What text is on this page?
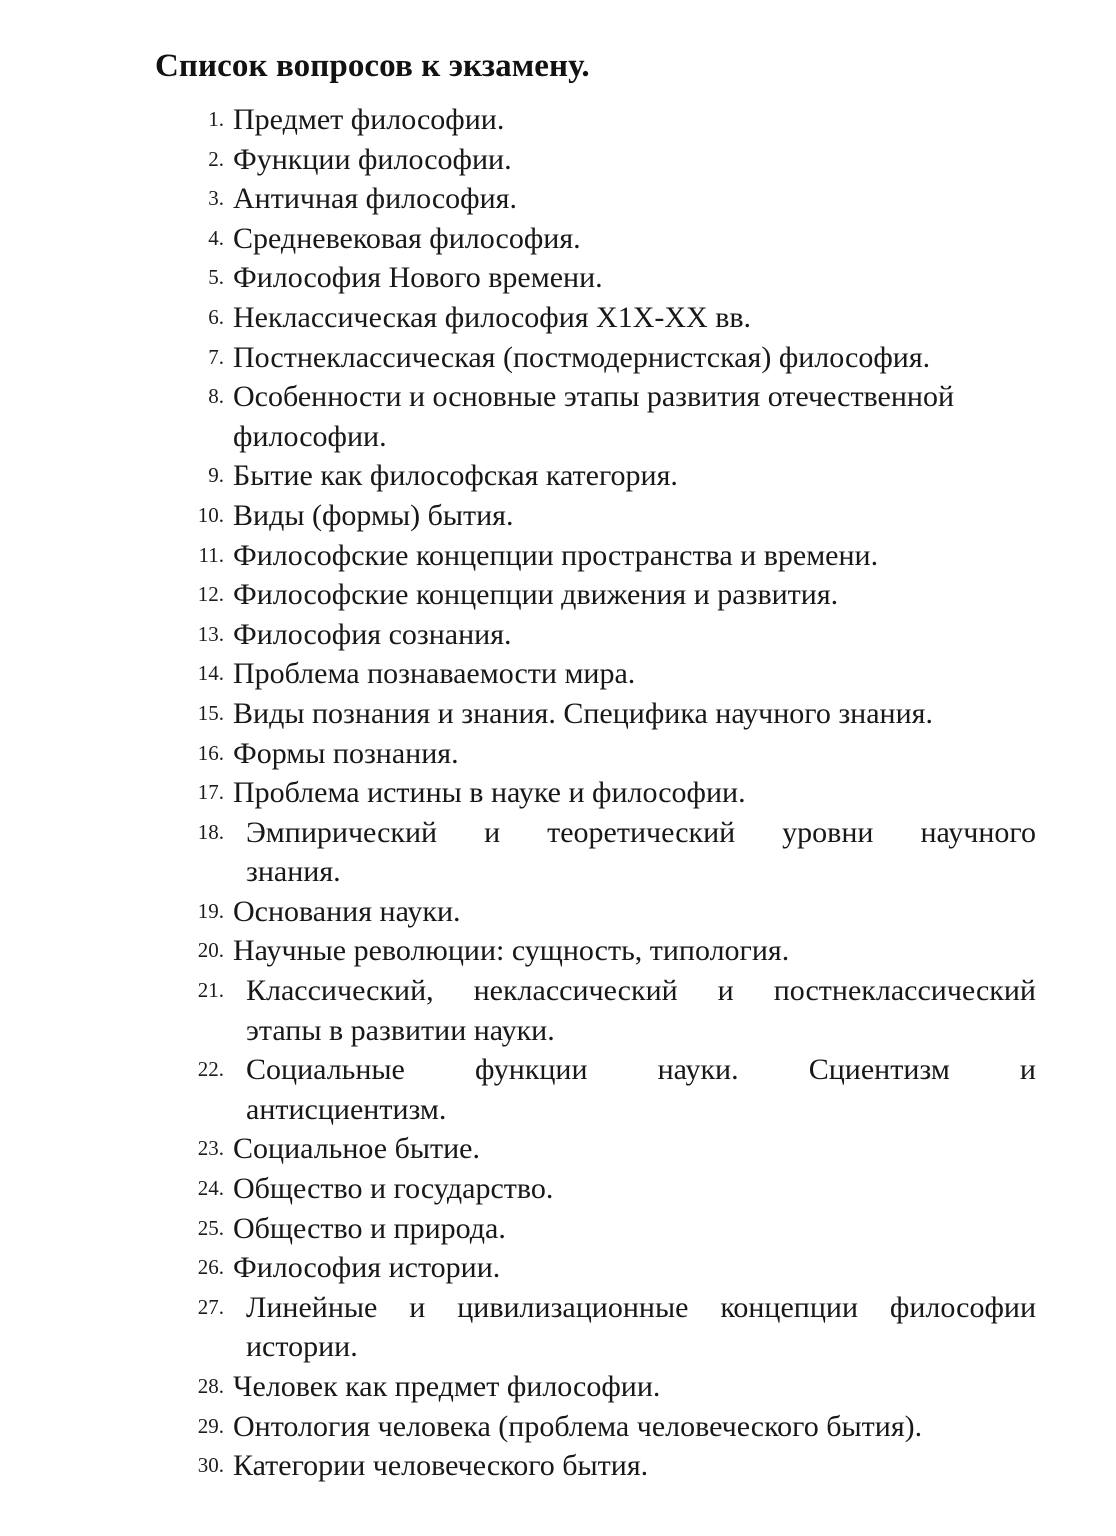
Список вопросов к экзамену.
1. Предмет философии.
2. Функции философии.
3. Античная философия.
4. Средневековая философия.
5. Философия Нового времени.
6. Неклассическая философия X1X-XX вв.
7. Постнеклассическая (постмодернистская) философия.
8. Особенности и основные этапы развития отечественной
философии.
9. Бытие как философская категория.
10. Виды (формы) бытия.
11. Философские концепции пространства и времени.
12. Философские концепции движения и развития.
13. Философия сознания.
14. Проблема познаваемости мира.
15. Виды познания и знания. Специфика научного знания.
16. Формы познания.
17. Проблема истины в науке и философии.
18. Эмпирический и теоретический уровни научного
знания.
19. Основания науки.
20. Научные революции: сущность, типология.
21. Классический, неклассический и постнеклассический
этапы в развитии науки.
22. Социальные функции науки. Сциентизм и
антисциентизм.
23. Социальное бытие.
24. Общество и государство.
25. Общество и природа.
26. Философия истории.
27. Линейные и цивилизационные концепции философии
истории.
28. Человек как предмет философии.
29. Онтология человека (проблема человеческого бытия).
30. Категории человеческого бытия.
